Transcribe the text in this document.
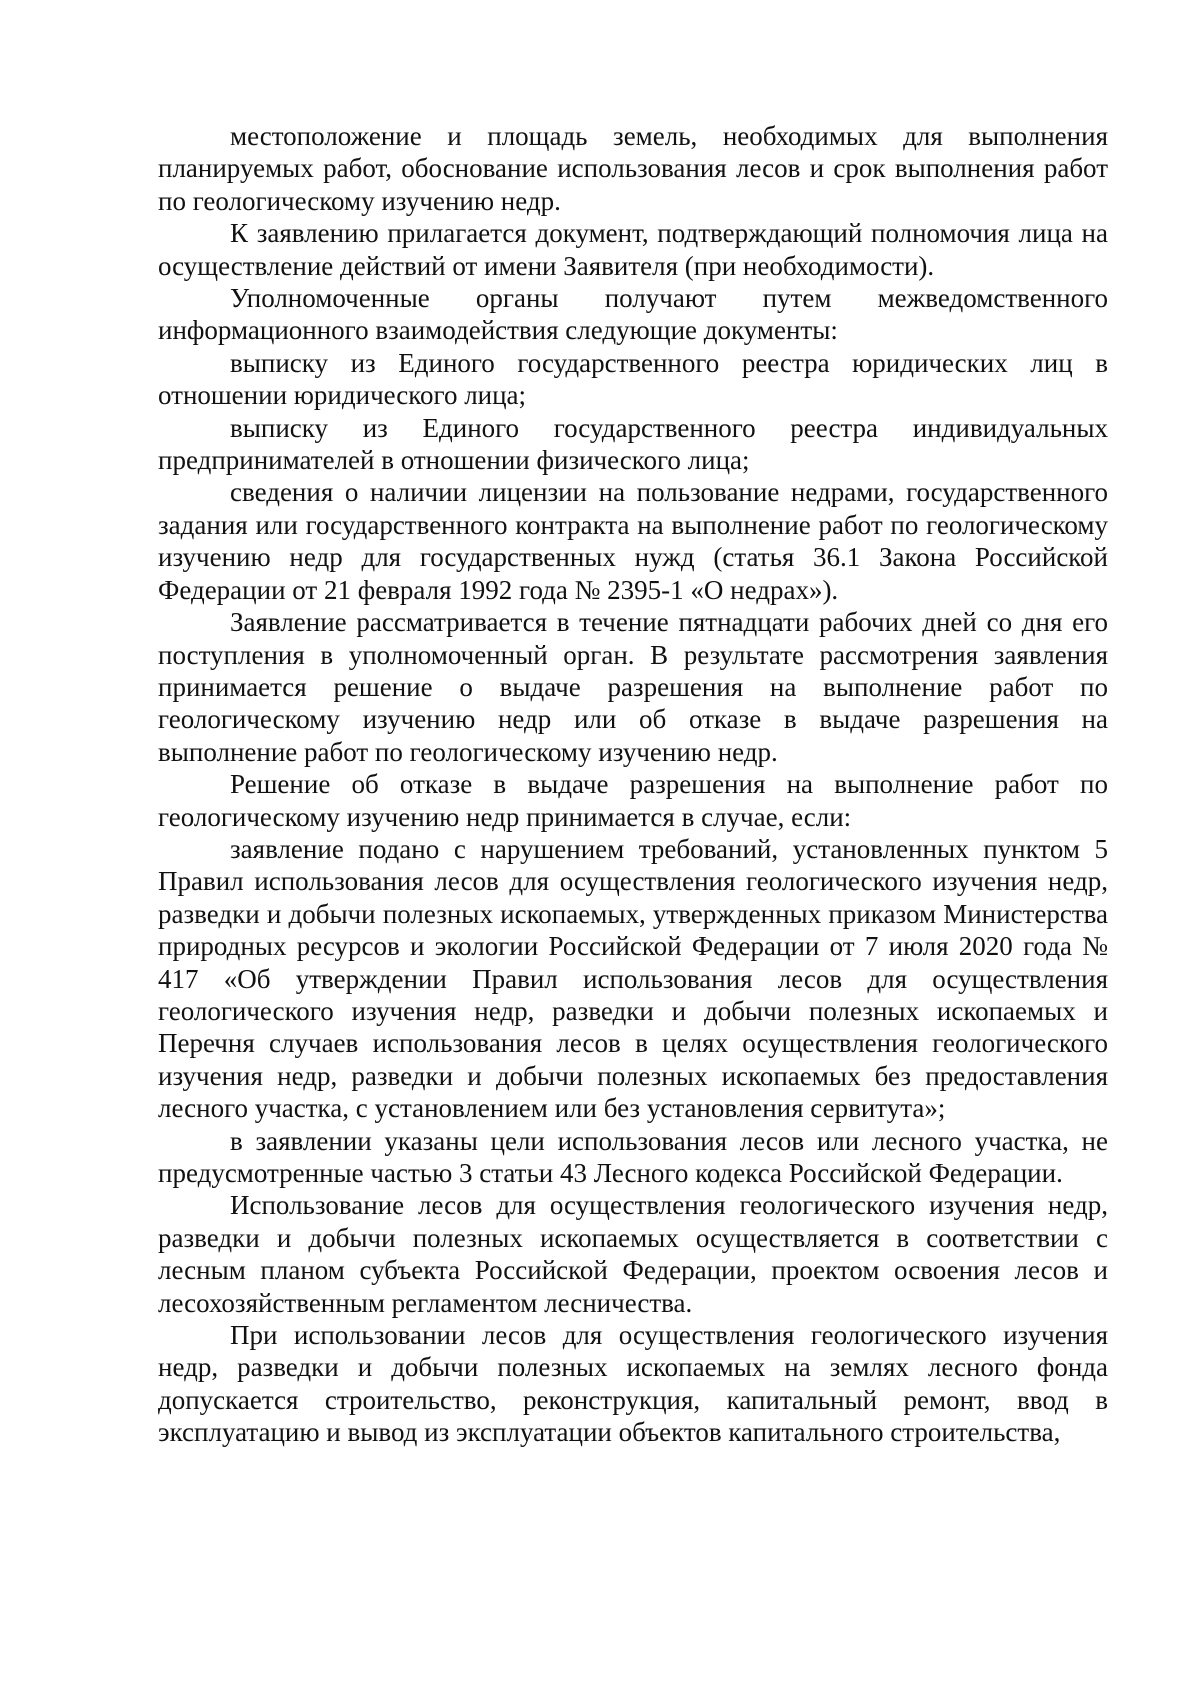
местоположение и площадь земель, необходимых для выполнения планируемых работ, обоснование использования лесов и срок выполнения работ по геологическому изучению недр.

К заявлению прилагается документ, подтверждающий полномочия лица на осуществление действий от имени Заявителя (при необходимости).

Уполномоченные органы получают путем межведомственного информационного взаимодействия следующие документы:

выписку из Единого государственного реестра юридических лиц в отношении юридического лица;

выписку из Единого государственного реестра индивидуальных предпринимателей в отношении физического лица;

сведения о наличии лицензии на пользование недрами, государственного задания или государственного контракта на выполнение работ по геологическому изучению недр для государственных нужд (статья 36.1 Закона Российской Федерации от 21 февраля 1992 года № 2395-1 «О недрах»).

Заявление рассматривается в течение пятнадцати рабочих дней со дня его поступления в уполномоченный орган. В результате рассмотрения заявления принимается решение о выдаче разрешения на выполнение работ по геологическому изучению недр или об отказе в выдаче разрешения на выполнение работ по геологическому изучению недр.

Решение об отказе в выдаче разрешения на выполнение работ по геологическому изучению недр принимается в случае, если:

заявление подано с нарушением требований, установленных пунктом 5 Правил использования лесов для осуществления геологического изучения недр, разведки и добычи полезных ископаемых, утвержденных приказом Министерства природных ресурсов и экологии Российской Федерации от 7 июля 2020 года № 417 «Об утверждении Правил использования лесов для осуществления геологического изучения недр, разведки и добычи полезных ископаемых и Перечня случаев использования лесов в целях осуществления геологического изучения недр, разведки и добычи полезных ископаемых без предоставления лесного участка, с установлением или без установления сервитута»;

в заявлении указаны цели использования лесов или лесного участка, не предусмотренные частью 3 статьи 43 Лесного кодекса Российской Федерации.

Использование лесов для осуществления геологического изучения недр, разведки и добычи полезных ископаемых осуществляется в соответствии с лесным планом субъекта Российской Федерации, проектом освоения лесов и лесохозяйственным регламентом лесничества.

При использовании лесов для осуществления геологического изучения недр, разведки и добычи полезных ископаемых на землях лесного фонда допускается строительство, реконструкция, капитальный ремонт, ввод в эксплуатацию и вывод из эксплуатации объектов капитального строительства,
